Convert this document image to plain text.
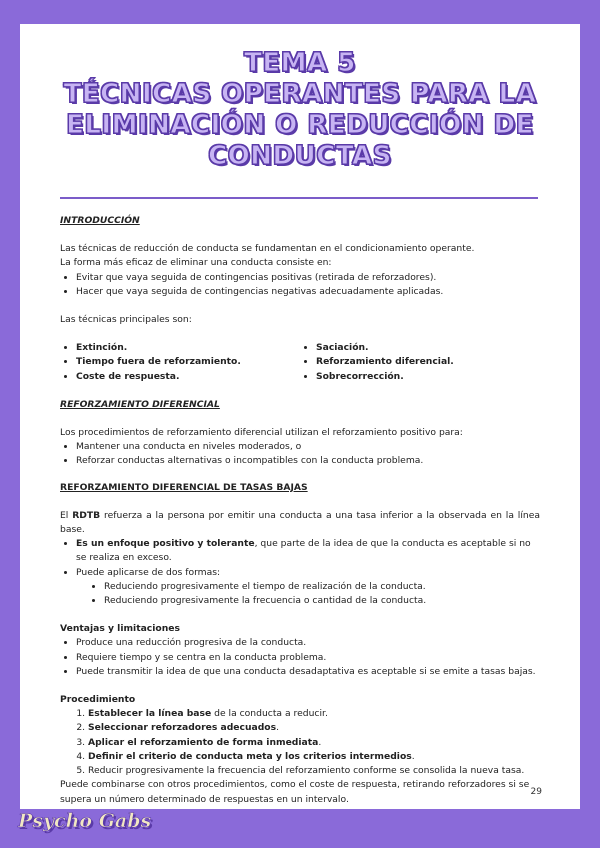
TEMA 5
TÉCNICAS OPERANTES PARA LA
ELIMINACIÓN O REDUCCIÓN DE
CONDUCTAS

INTRODUCCIÓN

Las técnicas de reducción de conducta se fundamentan en el condicionamiento operante.

La forma más eficaz de eliminar una conducta consiste en:

• Evitar que vaya seguida de contingencias positivas (retirada de reforzadores).
• Hacer que vaya seguida de contingencias negativas adecuadamente aplicadas.

Las técnicas principales son:

• Extinción.
• Tiempo fuera de reforzamiento.
• Coste de respuesta.
• Saciación.
• Reforzamiento diferencial.
• Sobrecorrección.

REFORZAMIENTO DIFERENCIAL

Los procedimientos de reforzamiento diferencial utilizan el reforzamiento positivo para:

• Mantener una conducta en niveles moderados, o
• Reforzar conductas alternativas o incompatibles con la conducta problema.

REFORZAMIENTO DIFERENCIAL DE TASAS BAJAS

El RDTB refuerza a la persona por emitir una conducta a una tasa inferior a la observada en la línea base.

• Es un enfoque positivo y tolerante, que parte de la idea de que la conducta es aceptable si no se realiza en exceso.
• Puede aplicarse de dos formas:
• Reduciendo progresivamente el tiempo de realización de la conducta.
• Reduciendo progresivamente la frecuencia o cantidad de la conducta.

Ventajas y limitaciones

• Produce una reducción progresiva de la conducta.
• Requiere tiempo y se centra en la conducta problema.
• Puede transmitir la idea de que una conducta desadaptativa es aceptable si se emite a tasas bajas.

Procedimiento

1. Establecer la línea base de la conducta a reducir.
2. Seleccionar reforzadores adecuados.
3. Aplicar el reforzamiento de forma inmediata.
4. Definir el criterio de conducta meta y los criterios intermedios.
5. Reducir progresivamente la frecuencia del reforzamiento conforme se consolida la nueva tasa.

Puede combinarse con otros procedimientos, como el coste de respuesta, retirando reforzadores si se supera un número determinado de respuestas en un intervalo.

29
Psycho Gabs
